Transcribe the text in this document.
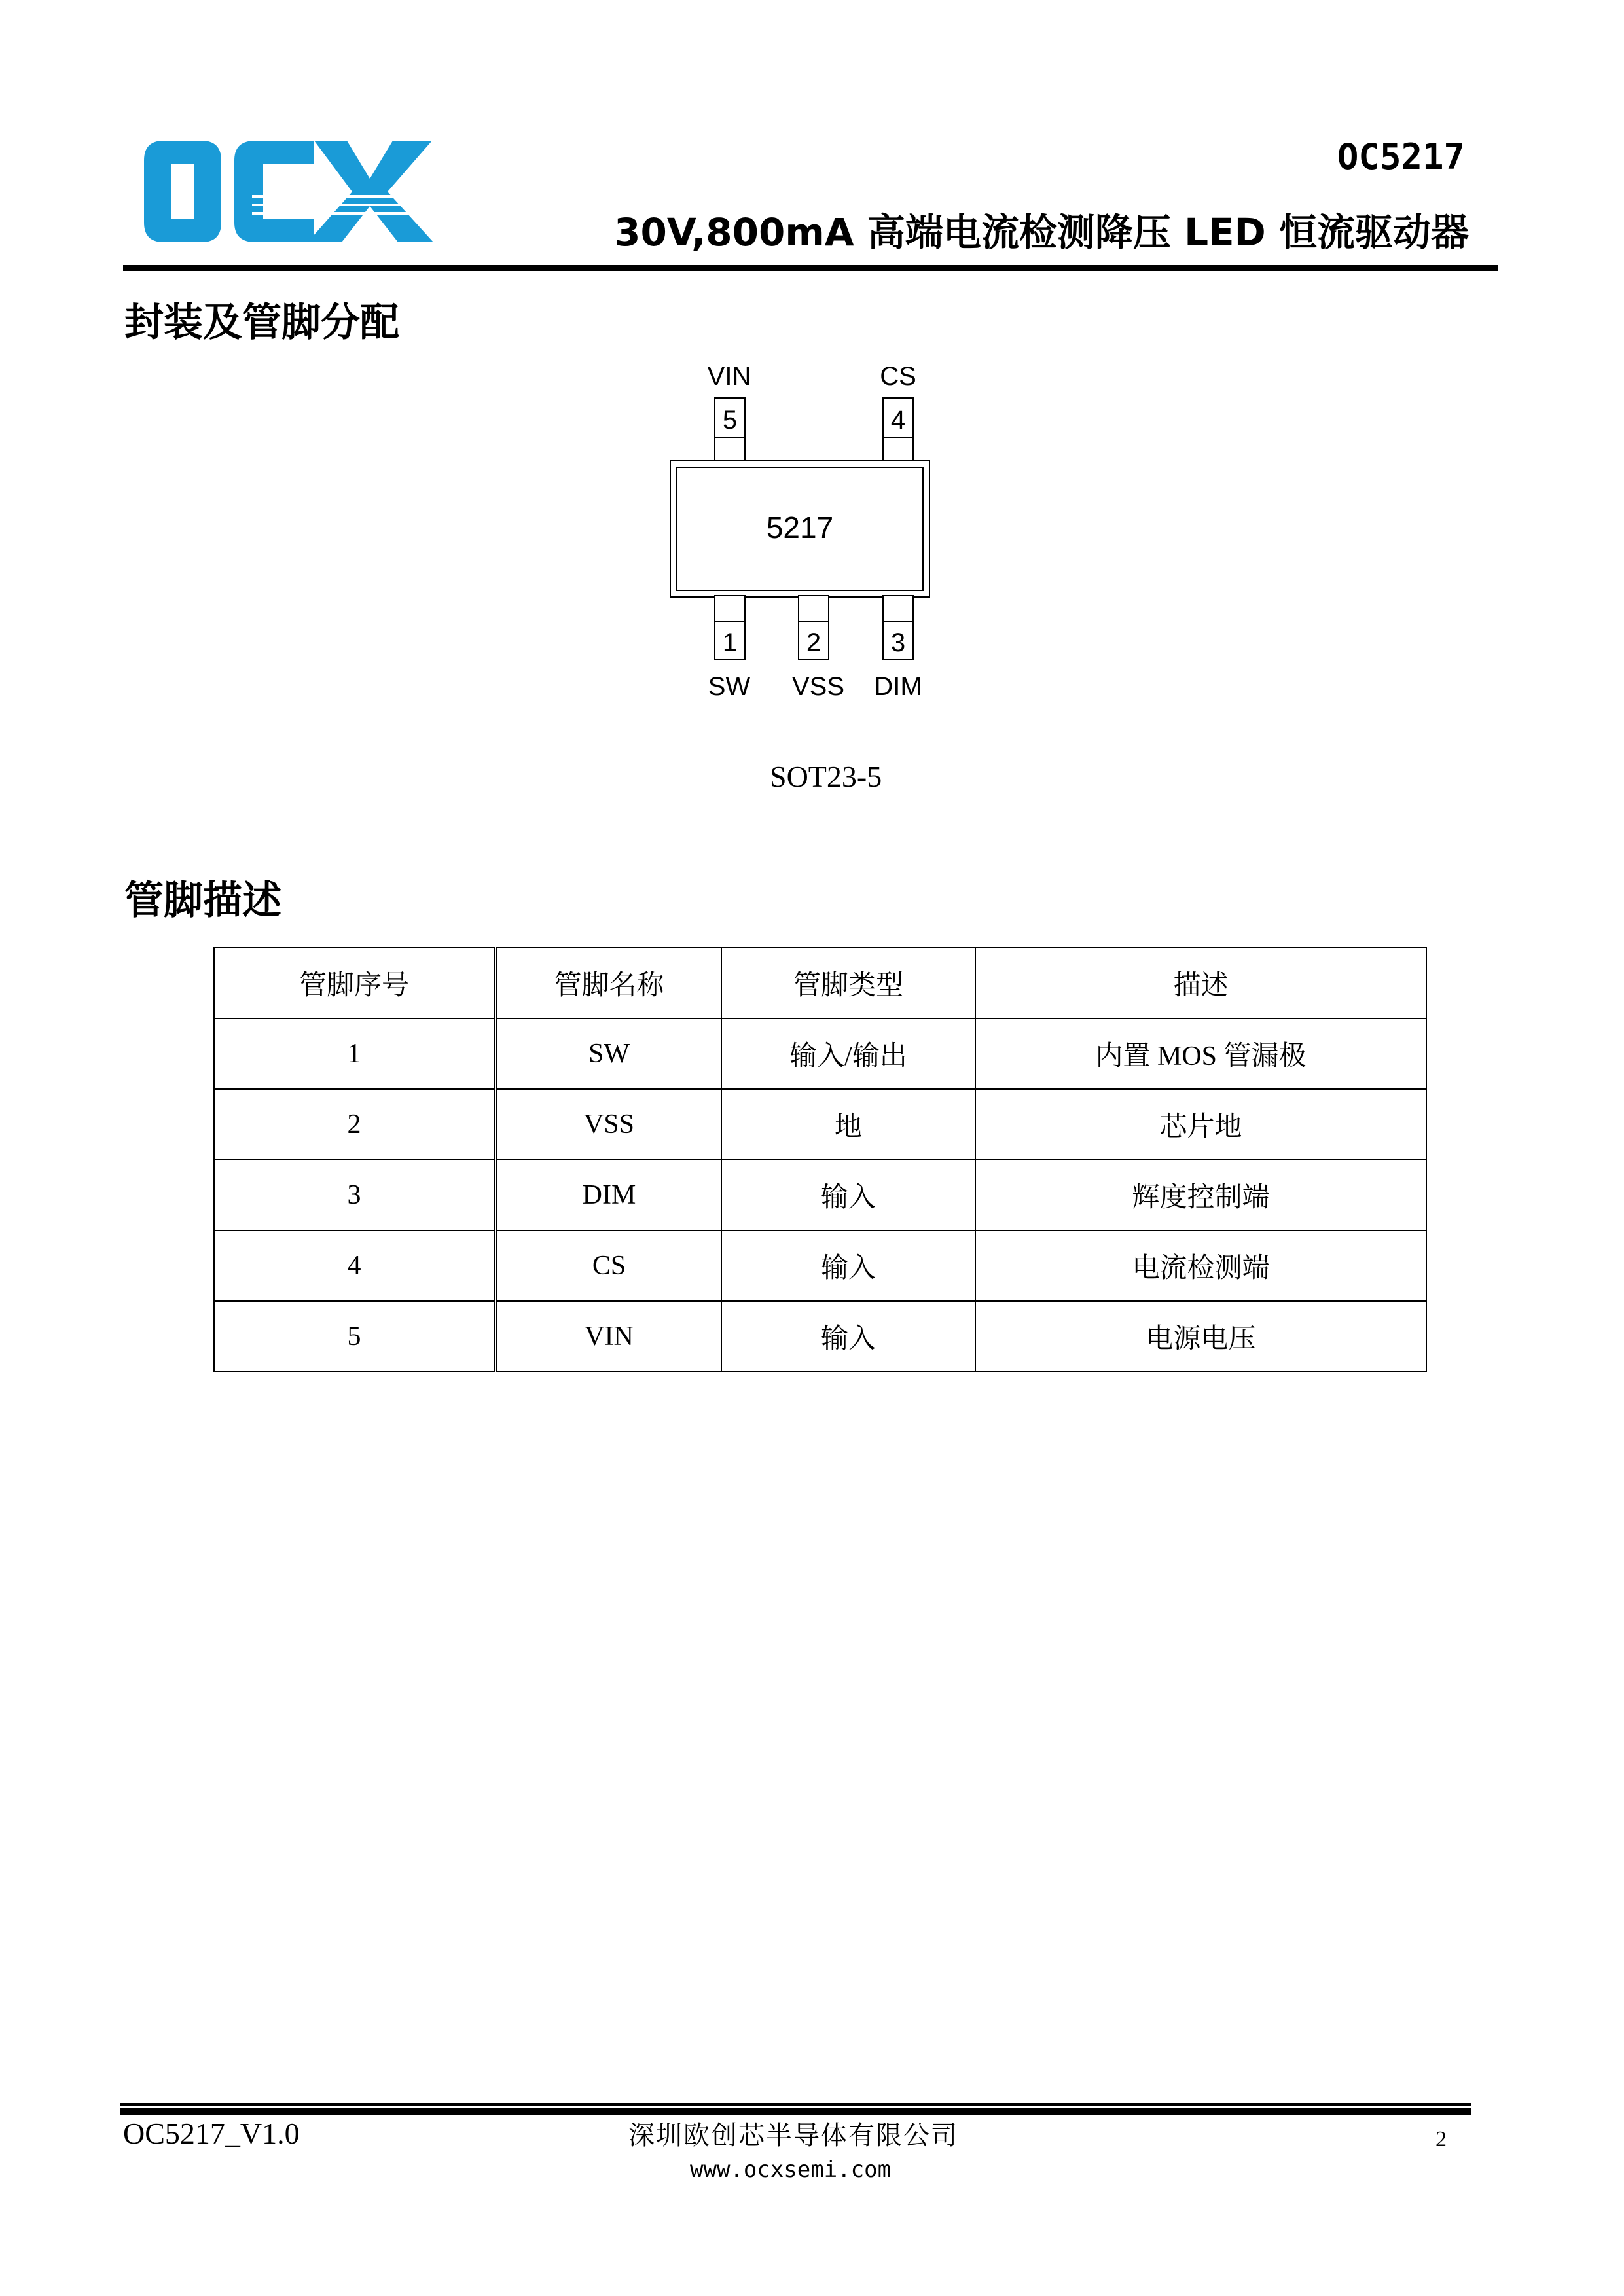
OC5217
30V,800mA 高端电流检测降压 LED 恒流驱动器
封装及管脚分配
VIN
5
CS
4
5217
1
SW
2
VSS
3
DIM
SOT23-5
管脚描述
管脚序号	管脚名称	管脚类型	描述
1	SW	输入/输出	内置 MOS 管漏极
2	VSS	地	芯片地
3	DIM	输入	辉度控制端
4	CS	输入	电流检测端
5	VIN	输入	电源电压
OC5217_V1.0	深圳欧创芯半导体有限公司
www.ocxsemi.com
2
